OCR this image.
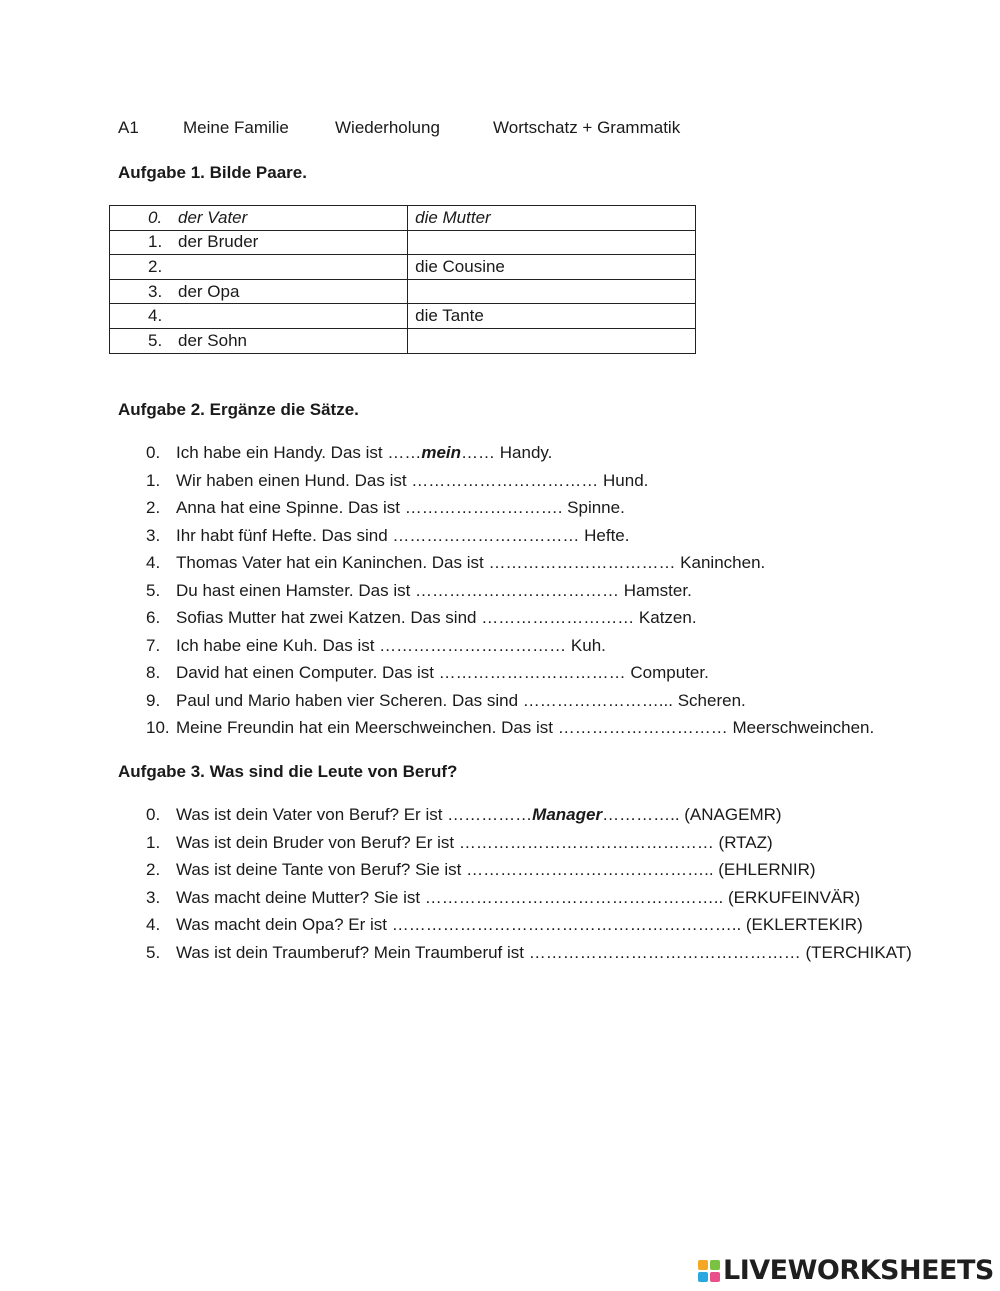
A1	Meine Familie	Wiederholung	Wortschatz + Grammatik
Aufgabe 1. Bilde Paare.
0. der Vater	die Mutter
1. der Bruder	
2.	die Cousine
3. der Opa	
4.	die Tante
5. der Sohn	
Aufgabe 2. Ergänze die Sätze.
0. Ich habe ein Handy. Das ist ……mein…… Handy.
1. Wir haben einen Hund. Das ist …………………………… Hund.
2. Anna hat eine Spinne. Das ist ………………………. Spinne.
3. Ihr habt fünf Hefte. Das sind …………………………… Hefte.
4. Thomas Vater hat ein Kaninchen. Das ist …………………………… Kaninchen.
5. Du hast einen Hamster. Das ist ……………………………… Hamster.
6. Sofias Mutter hat zwei Katzen. Das sind ……………………… Katzen.
7. Ich habe eine Kuh. Das ist …………………………… Kuh.
8. David hat einen Computer. Das ist …………………………… Computer.
9. Paul und Mario haben vier Scheren. Das sind ……………………... Scheren.
10. Meine Freundin hat ein Meerschweinchen. Das ist ………………………… Meerschweinchen.
Aufgabe 3. Was sind die Leute von Beruf?
0. Was ist dein Vater von Beruf? Er ist ……………Manager………….. (ANAGEMR)
1. Was ist dein Bruder von Beruf? Er ist ……………………………………… (RTAZ)
2. Was ist deine Tante von Beruf? Sie ist …………………………………….. (EHLERNIR)
3. Was macht deine Mutter? Sie ist …………………………………………….. (ERKUFEINVÄR)
4. Was macht dein Opa? Er ist …………………………………………………….. (EKLERTEKIR)
5. Was ist dein Traumberuf? Mein Traumberuf ist ………………………………………… (TERCHIKAT)
LIVEWORKSHEETS
